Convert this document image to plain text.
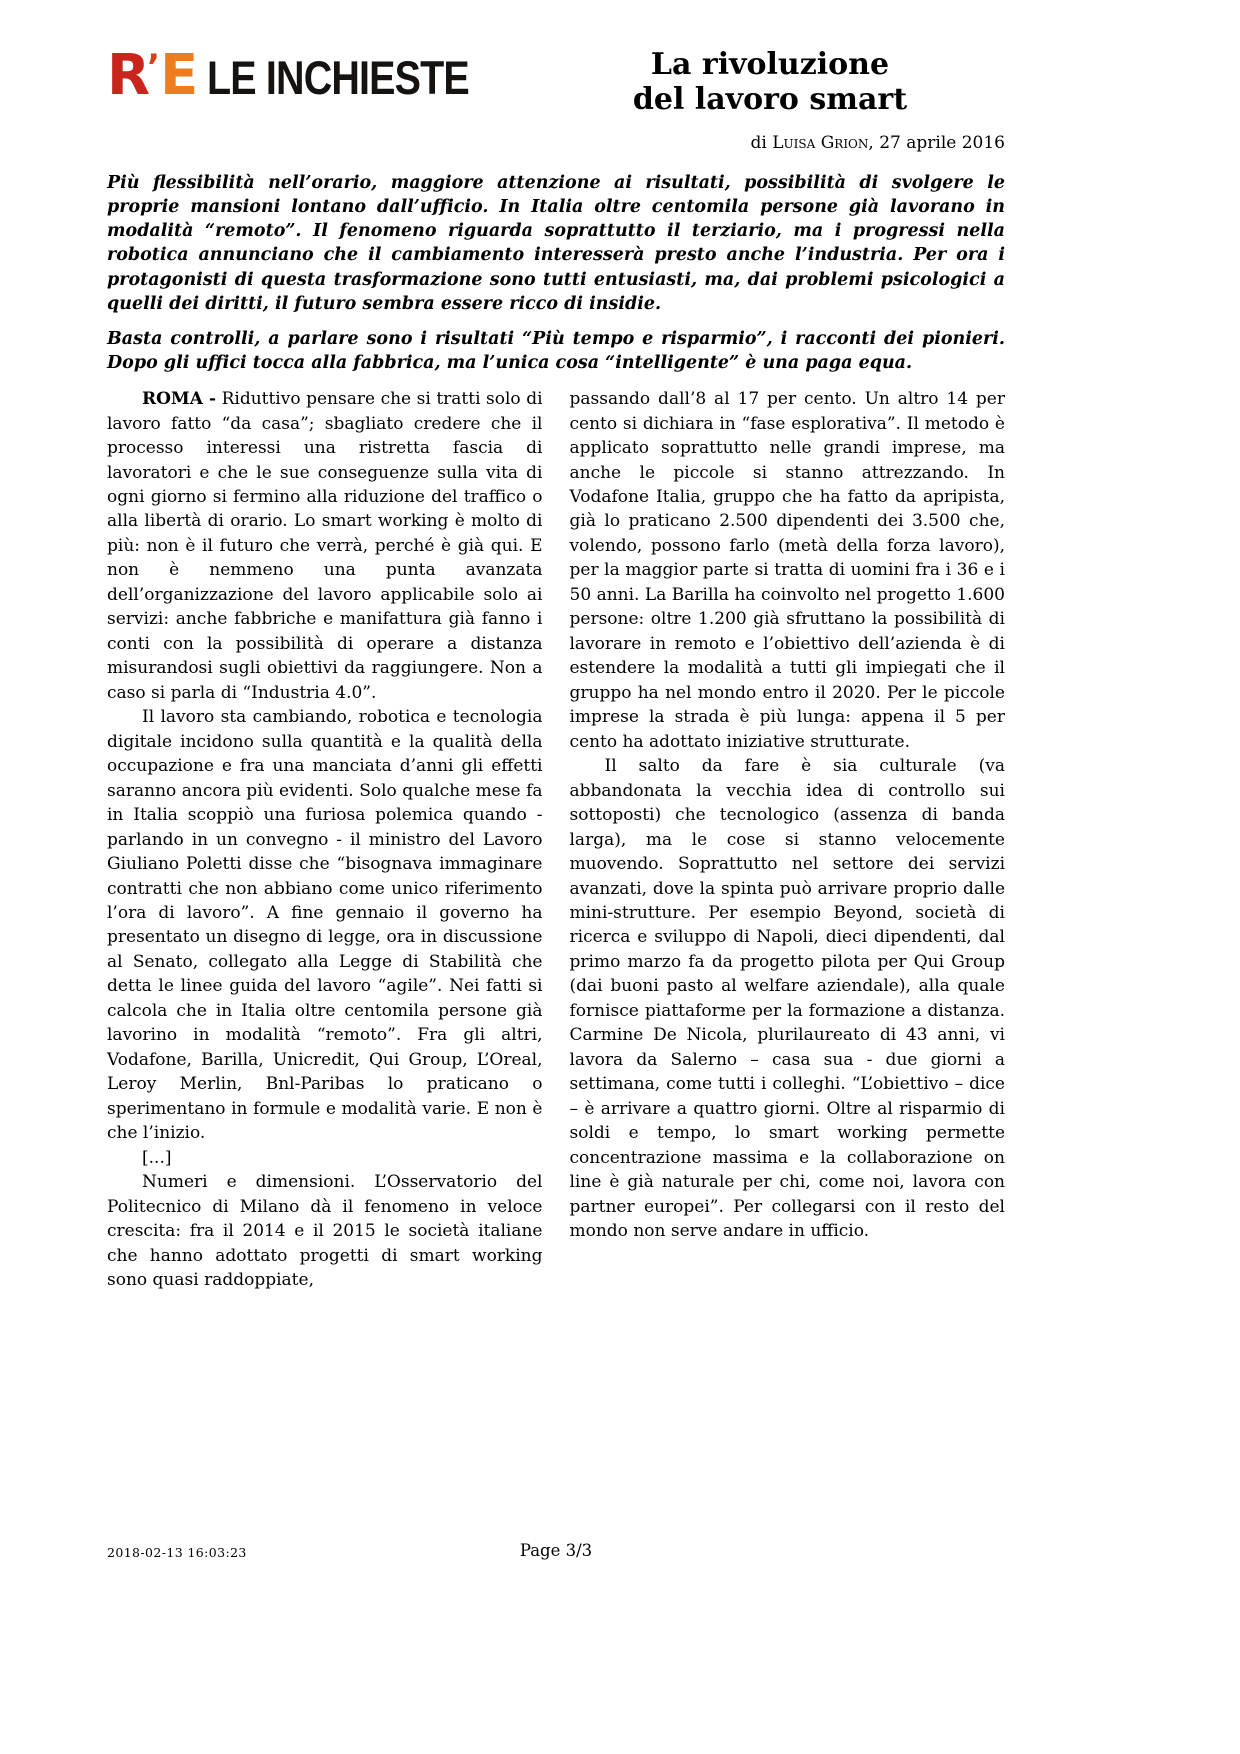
R’E LE INCHIESTE	La rivoluzione
del lavoro smart
di Luisa Grion, 27 aprile 2016

Più flessibilità nell’orario, maggiore attenzione ai risultati, possibilità di svolgere le proprie mansioni lontano dall’ufficio. In Italia oltre centomila persone già lavorano in modalità “remoto”. Il fenomeno riguarda soprattutto il terziario, ma i progressi nella robotica annunciano che il cambiamento interesserà presto anche l’industria. Per ora i protagonisti di questa trasformazione sono tutti entusiasti, ma, dai problemi psicologici a quelli dei diritti, il futuro sembra essere ricco di insidie.

Basta controlli, a parlare sono i risultati “Più tempo e risparmio”, i racconti dei pionieri. Dopo gli uffici tocca alla fabbrica, ma l’unica cosa “intelligente” è una paga equa.

ROMA - Riduttivo pensare che si tratti solo di lavoro fatto “da casa”; sbagliato credere che il processo interessi una ristretta fascia di lavoratori e che le sue conseguenze sulla vita di ogni giorno si fermino alla riduzione del traffico o alla libertà di orario. Lo smart working è molto di più: non è il futuro che verrà, perché è già qui. E non è nemmeno una punta avanzata dell’organizzazione del lavoro applicabile solo ai servizi: anche fabbriche e manifattura già fanno i conti con la possibilità di operare a distanza misurandosi sugli obiettivi da raggiungere. Non a caso si parla di “Industria 4.0”.

Il lavoro sta cambiando, robotica e tecnologia digitale incidono sulla quantità e la qualità della occupazione e fra una manciata d’anni gli effetti saranno ancora più evidenti. Solo qualche mese fa in Italia scoppiò una furiosa polemica quando - parlando in un convegno - il ministro del Lavoro Giuliano Poletti disse che “bisognava immaginare contratti che non abbiano come unico riferimento l’ora di lavoro”. A fine gennaio il governo ha presentato un disegno di legge, ora in discussione al Senato, collegato alla Legge di Stabilità che detta le linee guida del lavoro “agile”. Nei fatti si calcola che in Italia oltre centomila persone già lavorino in modalità “remoto”. Fra gli altri, Vodafone, Barilla, Unicredit, Qui Group, L’Oreal, Leroy Merlin, Bnl-Paribas lo praticano o sperimentano in formule e modalità varie. E non è che l’inizio.

[...]

Numeri e dimensioni. L’Osservatorio del Politecnico di Milano dà il fenomeno in veloce crescita: fra il 2014 e il 2015 le società italiane che hanno adottato progetti di smart working sono quasi raddoppiate,

passando dall’8 al 17 per cento. Un altro 14 per cento si dichiara in “fase esplorativa”. Il metodo è applicato soprattutto nelle grandi imprese, ma anche le piccole si stanno attrezzando. In Vodafone Italia, gruppo che ha fatto da apripista, già lo praticano 2.500 dipendenti dei 3.500 che, volendo, possono farlo (metà della forza lavoro), per la maggior parte si tratta di uomini fra i 36 e i 50 anni. La Barilla ha coinvolto nel progetto 1.600 persone: oltre 1.200 già sfruttano la possibilità di lavorare in remoto e l’obiettivo dell’azienda è di estendere la modalità a tutti gli impiegati che il gruppo ha nel mondo entro il 2020. Per le piccole imprese la strada è più lunga: appena il 5 per cento ha adottato iniziative strutturate.

Il salto da fare è sia culturale (va abbandonata la vecchia idea di controllo sui sottoposti) che tecnologico (assenza di banda larga), ma le cose si stanno velocemente muovendo. Soprattutto nel settore dei servizi avanzati, dove la spinta può arrivare proprio dalle mini-strutture. Per esempio Beyond, società di ricerca e sviluppo di Napoli, dieci dipendenti, dal primo marzo fa da progetto pilota per Qui Group (dai buoni pasto al welfare aziendale), alla quale fornisce piattaforme per la formazione a distanza. Carmine De Nicola, plurilaureato di 43 anni, vi lavora da Salerno – casa sua - due giorni a settimana, come tutti i colleghi. “L’obiettivo – dice – è arrivare a quattro giorni. Oltre al risparmio di soldi e tempo, lo smart working permette concentrazione massima e la collaborazione on line è già naturale per chi, come noi, lavora con partner europei”. Per collegarsi con il resto del mondo non serve andare in ufficio.

2018-02-13 16:03:23	Page 3/3
